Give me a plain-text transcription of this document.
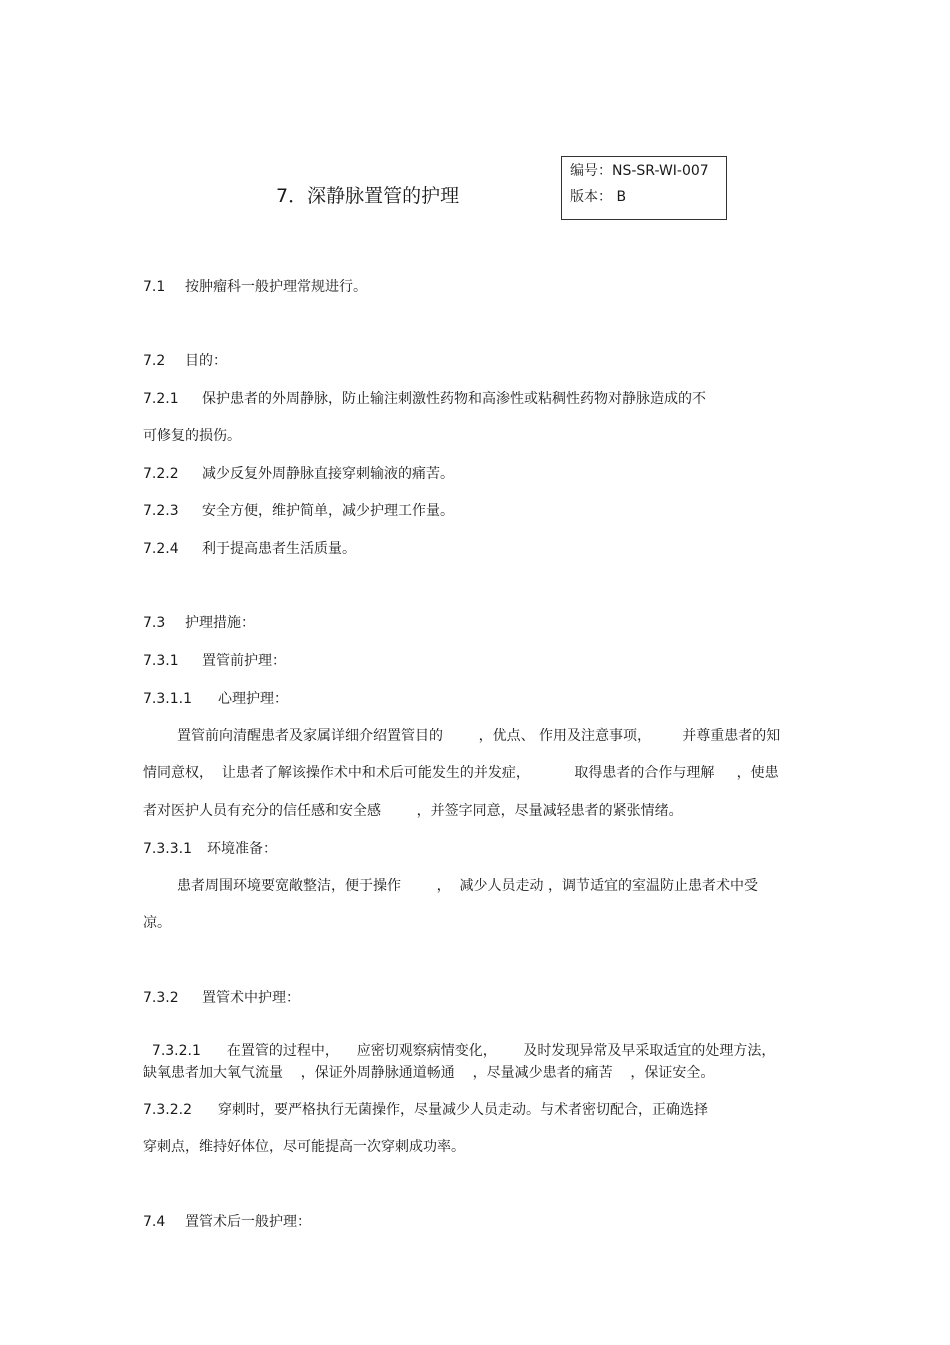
7．深静脉置管的护理
编号：NS-SR-WI-007
版本： B
7.1 按肿瘤科一般护理常规进行。
7.2 目的：
7.2.1 保护患者的外周静脉，防止输注刺激性药物和高渗性或粘稠性药物对静脉造成的不
可修复的损伤。
7.2.2 减少反复外周静脉直接穿刺输液的痛苦。
7.2.3 安全方便，维护简单，减少护理工作量。
7.2.4 利于提高患者生活质量。
7.3 护理措施：
7.3.1 置管前护理：
7.3.1.1 心理护理：
置管前向清醒患者及家属详细介绍置管目的        ，优点、 作用及注意事项，       并尊重患者的知
情同意权，  让患者了解该操作术中和术后可能发生的并发症，          取得患者的合作与理解     ，使患
者对医护人员有充分的信任感和安全感        ，并签字同意，尽量减轻患者的紧张情绪。
7.3.3.1 环境准备：
患者周围环境要宽敞整洁，便于操作        ，  减少人员走动 ，调节适宜的室温防止患者术中受
凉。
7.3.2 置管术中护理：

7.3.2.1 在置管的过程中，    应密切观察病情变化，      及时发现异常及早采取适宜的处理方法，

缺氧患者加大氧气流量    ，保证外周静脉通道畅通    ，尽量减少患者的痛苦    ，保证安全。
7.3.2.2 穿刺时，要严格执行无菌操作，尽量减少人员走动。与术者密切配合，正确选择
穿刺点，维持好体位，尽可能提高一次穿刺成功率。
7.4 置管术后一般护理：
